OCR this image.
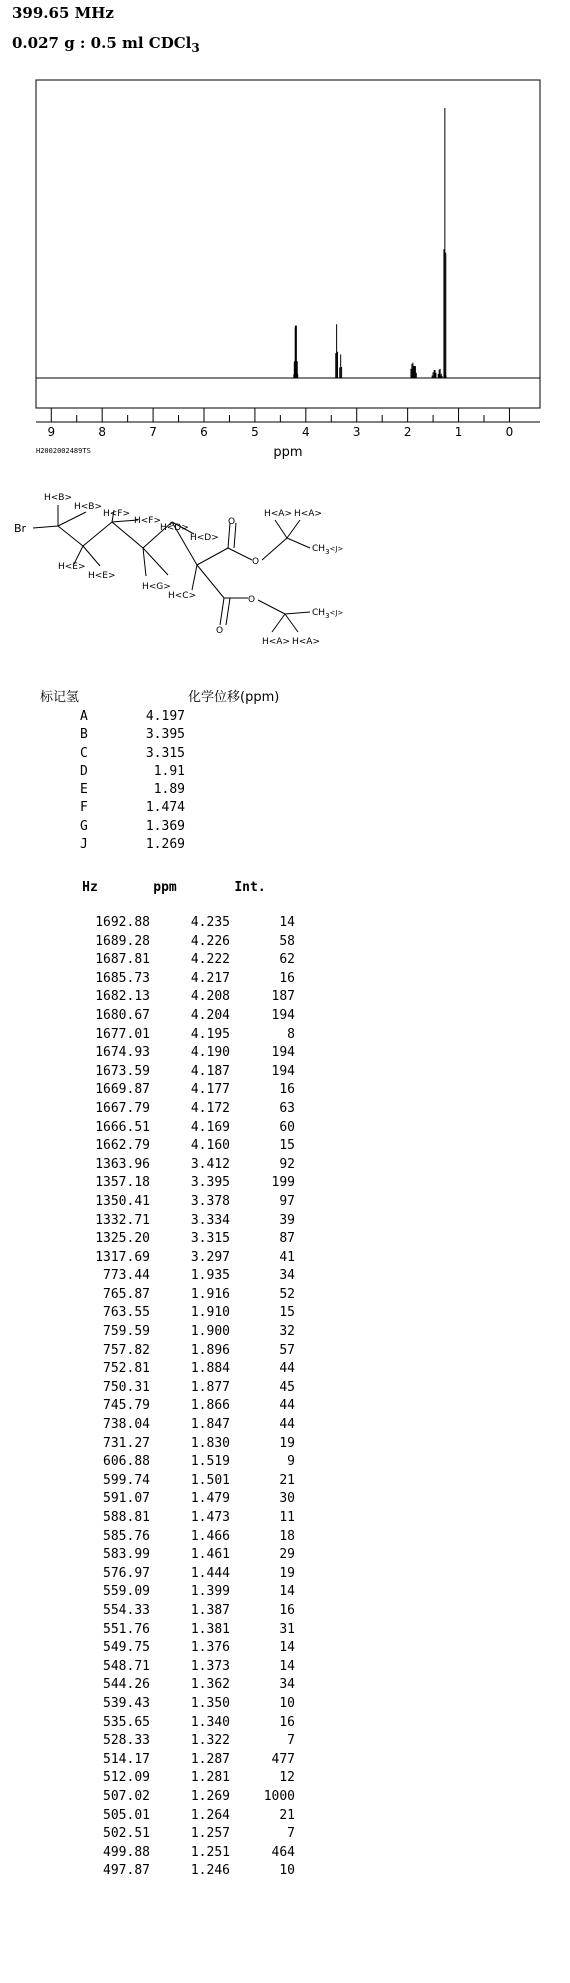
399.65 MHz
0.027 g : 0.5 ml CDCl$_3$
9	8	7	6	5	4	3	2	1	0
ppm
H2002002489TS
Br
H<B>
H<B>
H<F>
H<F>
H<D>
H<D>
H<E>
H<E>
H<G>
H<C>
O
O
O
O
H<A> H<A>
H<A> H<A>
$CH_3^{<J>}$
$CH_3^{<J>}$
标记氢	化学位移(ppm)
A	4.197
B	3.395
C	3.315
D	1.91
E	1.89
F	1.474
G	1.369
J	1.269
Hz	ppm	Int.
1692.88	4.235	14
1689.28	4.226	58
1687.81	4.222	62
1685.73	4.217	16
1682.13	4.208	187
1680.67	4.204	194
1677.01	4.195	8
1674.93	4.190	194
1673.59	4.187	194
1669.87	4.177	16
1667.79	4.172	63
1666.51	4.169	60
1662.79	4.160	15
1363.96	3.412	92
1357.18	3.395	199
1350.41	3.378	97
1332.71	3.334	39
1325.20	3.315	87
1317.69	3.297	41
773.44	1.935	34
765.87	1.916	52
763.55	1.910	15
759.59	1.900	32
757.82	1.896	57
752.81	1.884	44
750.31	1.877	45
745.79	1.866	44
738.04	1.847	44
731.27	1.830	19
606.88	1.519	9
599.74	1.501	21
591.07	1.479	30
588.81	1.473	11
585.76	1.466	18
583.99	1.461	29
576.97	1.444	19
559.09	1.399	14
554.33	1.387	16
551.76	1.381	31
549.75	1.376	14
548.71	1.373	14
544.26	1.362	34
539.43	1.350	10
535.65	1.340	16
528.33	1.322	7
514.17	1.287	477
512.09	1.281	12
507.02	1.269	1000
505.01	1.264	21
502.51	1.257	7
499.88	1.251	464
497.87	1.246	10
